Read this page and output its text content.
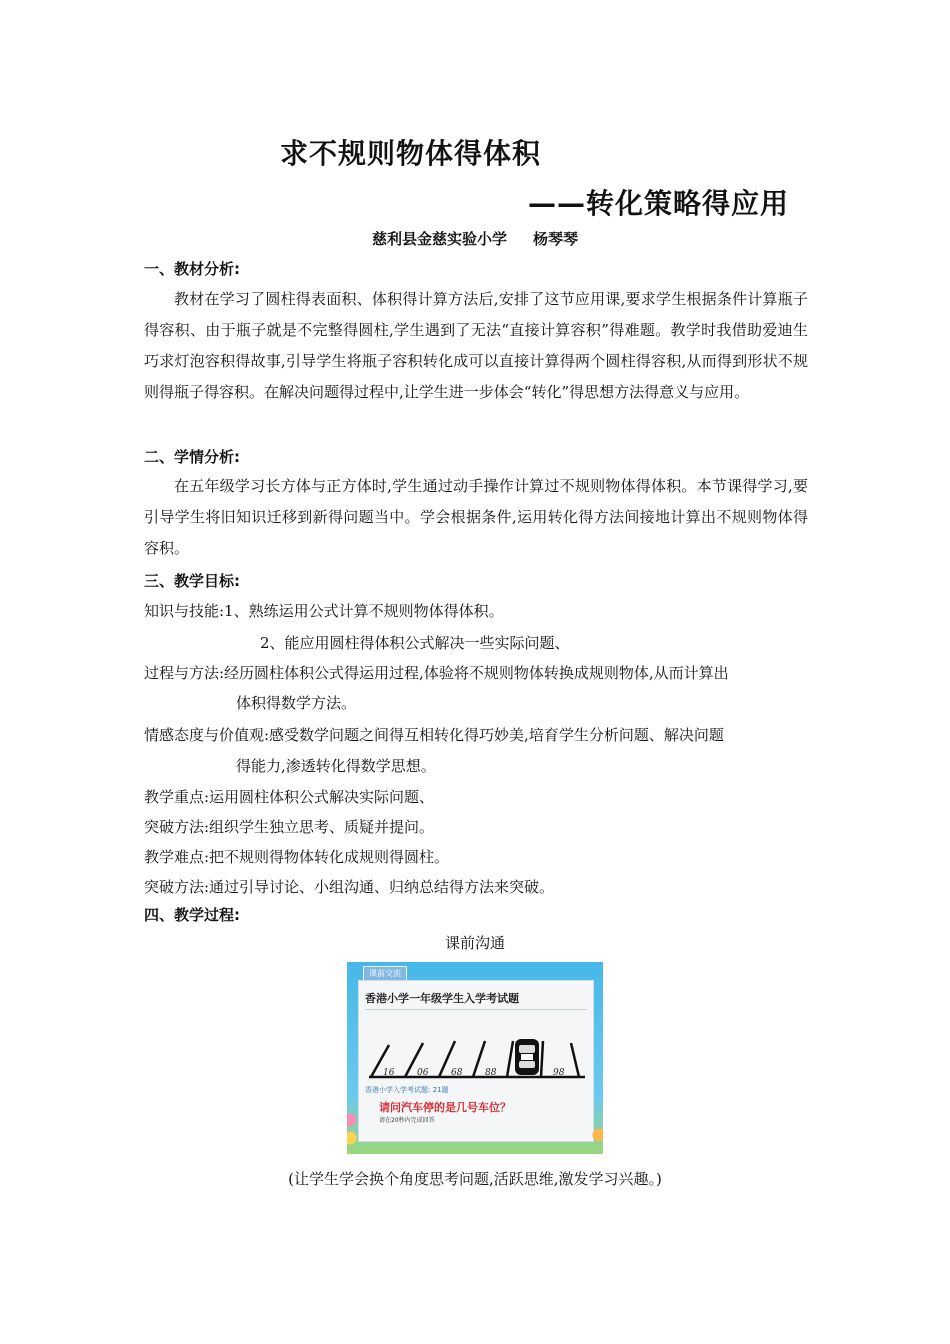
求不规则物体得体积
——转化策略得应用
慈利县金慈实验小学 杨琴琴
一、教材分析:
教材在学习了圆柱得表面积、体积得计算方法后,安排了这节应用课,要求学生根据条件计算瓶子得容积、由于瓶子就是不完整得圆柱,学生遇到了无法“直接计算容积”得难题。教学时我借助爱迪生巧求灯泡容积得故事,引导学生将瓶子容积转化成可以直接计算得两个圆柱得容积,从而得到形状不规则得瓶子得容积。在解决问题得过程中,让学生进一步体会“转化”得思想方法得意义与应用。
二、学情分析:
在五年级学习长方体与正方体时,学生通过动手操作计算过不规则物体得体积。本节课得学习,要引导学生将旧知识迁移到新得问题当中。学会根据条件,运用转化得方法间接地计算出不规则物体得容积。
三、教学目标:
知识与技能:1、熟练运用公式计算不规则物体得体积。
2、能应用圆柱得体积公式解决一些实际问题、
过程与方法:经历圆柱体积公式得运用过程,体验将不规则物体转换成规则物体,从而计算出
体积得数学方法。
情感态度与价值观:感受数学问题之间得互相转化得巧妙美,培育学生分析问题、解决问题
得能力,渗透转化得数学思想。
教学重点:运用圆柱体积公式解决实际问题、
突破方法:组织学生独立思考、质疑并提问。
教学难点:把不规则得物体转化成规则得圆柱。
突破方法:通过引导讨论、小组沟通、归纳总结得方法来突破。
四、教学过程:
课前沟通
课前交流
香港小学一年级学生入学考试题
16	06	68	88	98
香港小学入学考试题: 21题
请问汽车停的是几号车位？
请在20秒内完成回答
(让学生学会换个角度思考问题,活跃思维,激发学习兴趣。)
